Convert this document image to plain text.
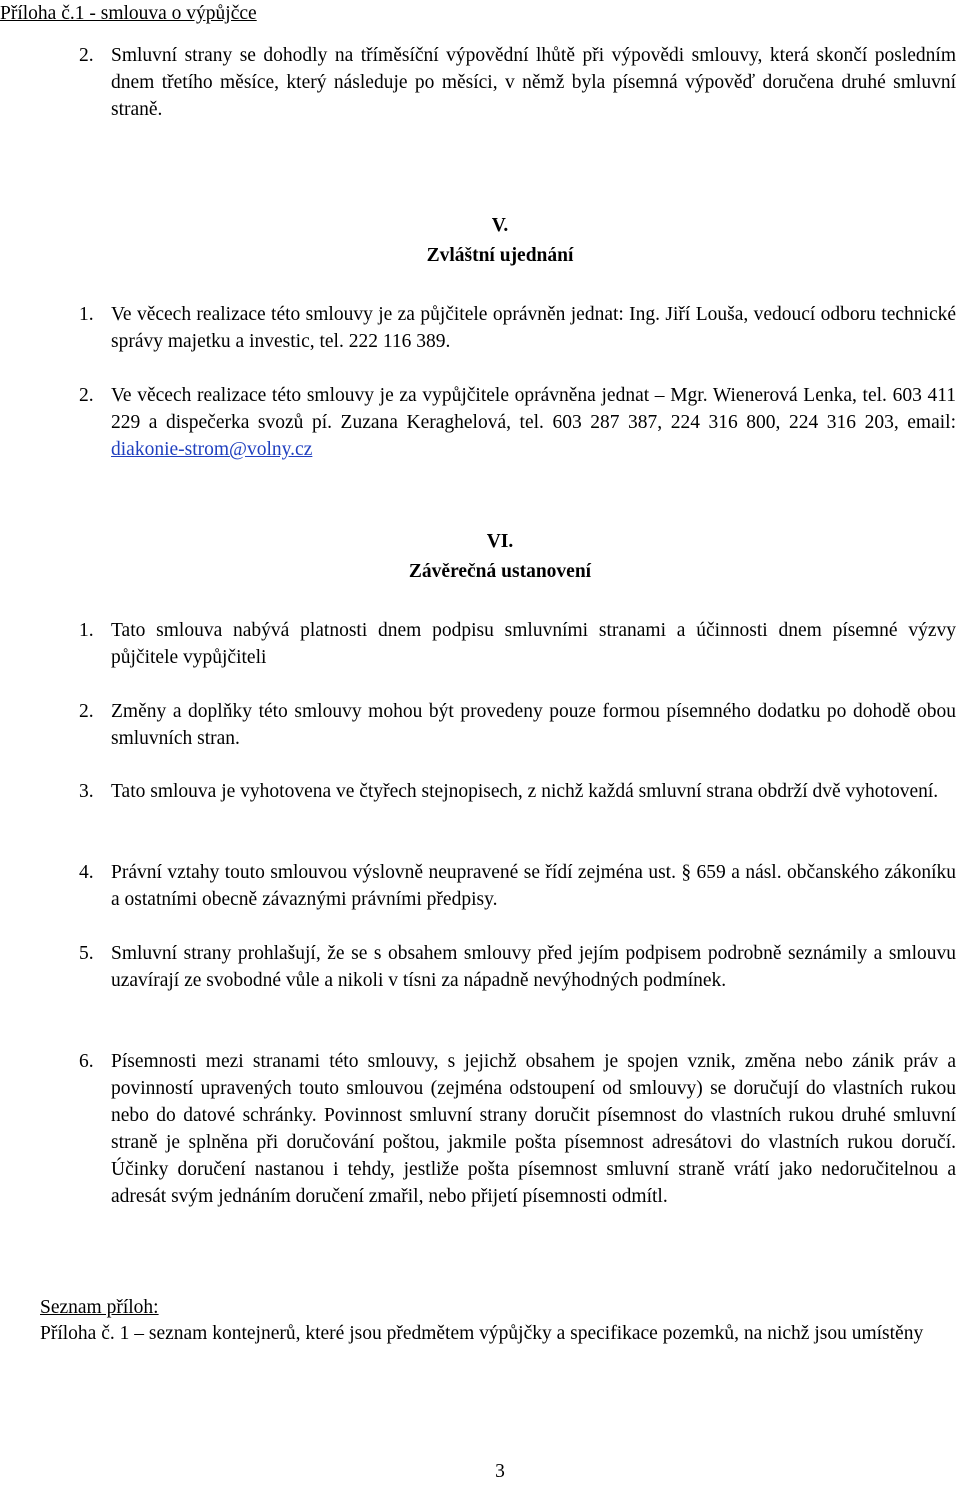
Příloha č.1 - smlouva o výpůjčce
2. Smluvní strany se dohodly na tříměsíční výpovědní lhůtě při výpovědi smlouvy, která skončí posledním dnem třetího měsíce, který následuje po měsíci, v němž byla písemná výpověď doručena druhé smluvní straně.
V.
Zvláštní ujednání
1. Ve věcech realizace této smlouvy je za půjčitele oprávněn jednat: Ing. Jiří Louša, vedoucí odboru technické správy majetku a investic, tel. 222 116 389.
2. Ve věcech realizace této smlouvy je za vypůjčitele oprávněna jednat – Mgr. Wienerová Lenka, tel. 603 411 229 a dispečerka svozů pí. Zuzana Keraghelová, tel. 603 287 387, 224 316 800, 224 316 203, email: diakonie-strom@volny.cz
VI.
Závěrečná ustanovení
1. Tato smlouva nabývá platnosti dnem podpisu smluvními stranami a účinnosti dnem písemné výzvy půjčitele vypůjčiteli
2. Změny a doplňky této smlouvy mohou být provedeny pouze formou písemného dodatku po dohodě obou smluvních stran.
3. Tato smlouva je vyhotovena ve čtyřech stejnopisech, z nichž každá smluvní strana obdrží dvě vyhotovení.
4. Právní vztahy touto smlouvou výslovně neupravené se řídí zejména ust. § 659 a násl. občanského zákoníku a ostatními obecně závaznými právními předpisy.
5. Smluvní strany prohlašují, že se s obsahem smlouvy před jejím podpisem podrobně seznámily a smlouvu uzavírají ze svobodné vůle a nikoli v tísni za nápadně nevýhodných podmínek.
6. Písemnosti mezi stranami této smlouvy, s jejichž obsahem je spojen vznik, změna nebo zánik práv a povinností upravených touto smlouvou (zejména odstoupení od smlouvy) se doručují do vlastních rukou nebo do datové schránky. Povinnost smluvní strany doručit písemnost do vlastních rukou druhé smluvní straně je splněna při doručování poštou, jakmile pošta písemnost adresátovi do vlastních rukou doručí. Účinky doručení nastanou i tehdy, jestliže pošta písemnost smluvní straně vrátí jako nedoručitelnou a adresát svým jednáním doručení zmařil, nebo přijetí písemnosti odmítl.
Seznam příloh:
Příloha č. 1 – seznam kontejnerů, které jsou předmětem výpůjčky a specifikace pozemků, na nichž jsou umístěny
3
